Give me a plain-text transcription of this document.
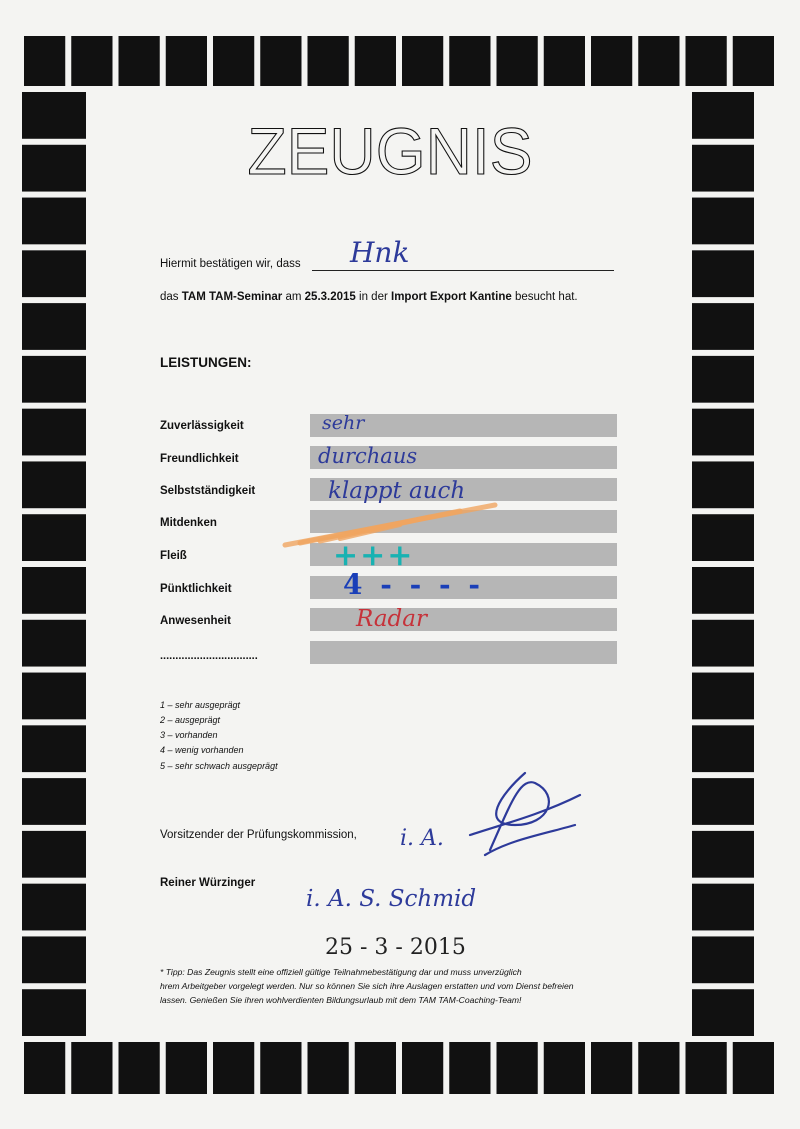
ZEUGNIS
Hiermit bestätigen wir, dass Hnk
das TAM TAM-Seminar am 25.3.2015 in der Import Export Kantine besucht hat.
LEISTUNGEN:
Zuverlässigkeit
Freundlichkeit
Selbstständigkeit
Mitdenken
Fleiß
Pünktlichkeit
Anwesenheit
................................
sehr
durchaus
klappt auch
+++
4 - - - -
Radar
1 – sehr ausgeprägt
2 – ausgeprägt
3 – vorhanden
4 – wenig vorhanden
5 – sehr schwach ausgeprägt
Vorsitzender der Prüfungskommission, i. A.
Reiner Würzinger
i. A. S. Schmid
25 - 3 - 2015
* Tipp: Das Zeugnis stellt eine offiziell gültige Teilnahmebestätigung dar und muss unverzüglich
hrem Arbeitgeber vorgelegt werden. Nur so können Sie sich ihre Auslagen erstatten und vom Dienst befreien
lassen. Genießen Sie ihren wohlverdienten Bildungsurlaub mit dem TAM TAM-Coaching-Team!
